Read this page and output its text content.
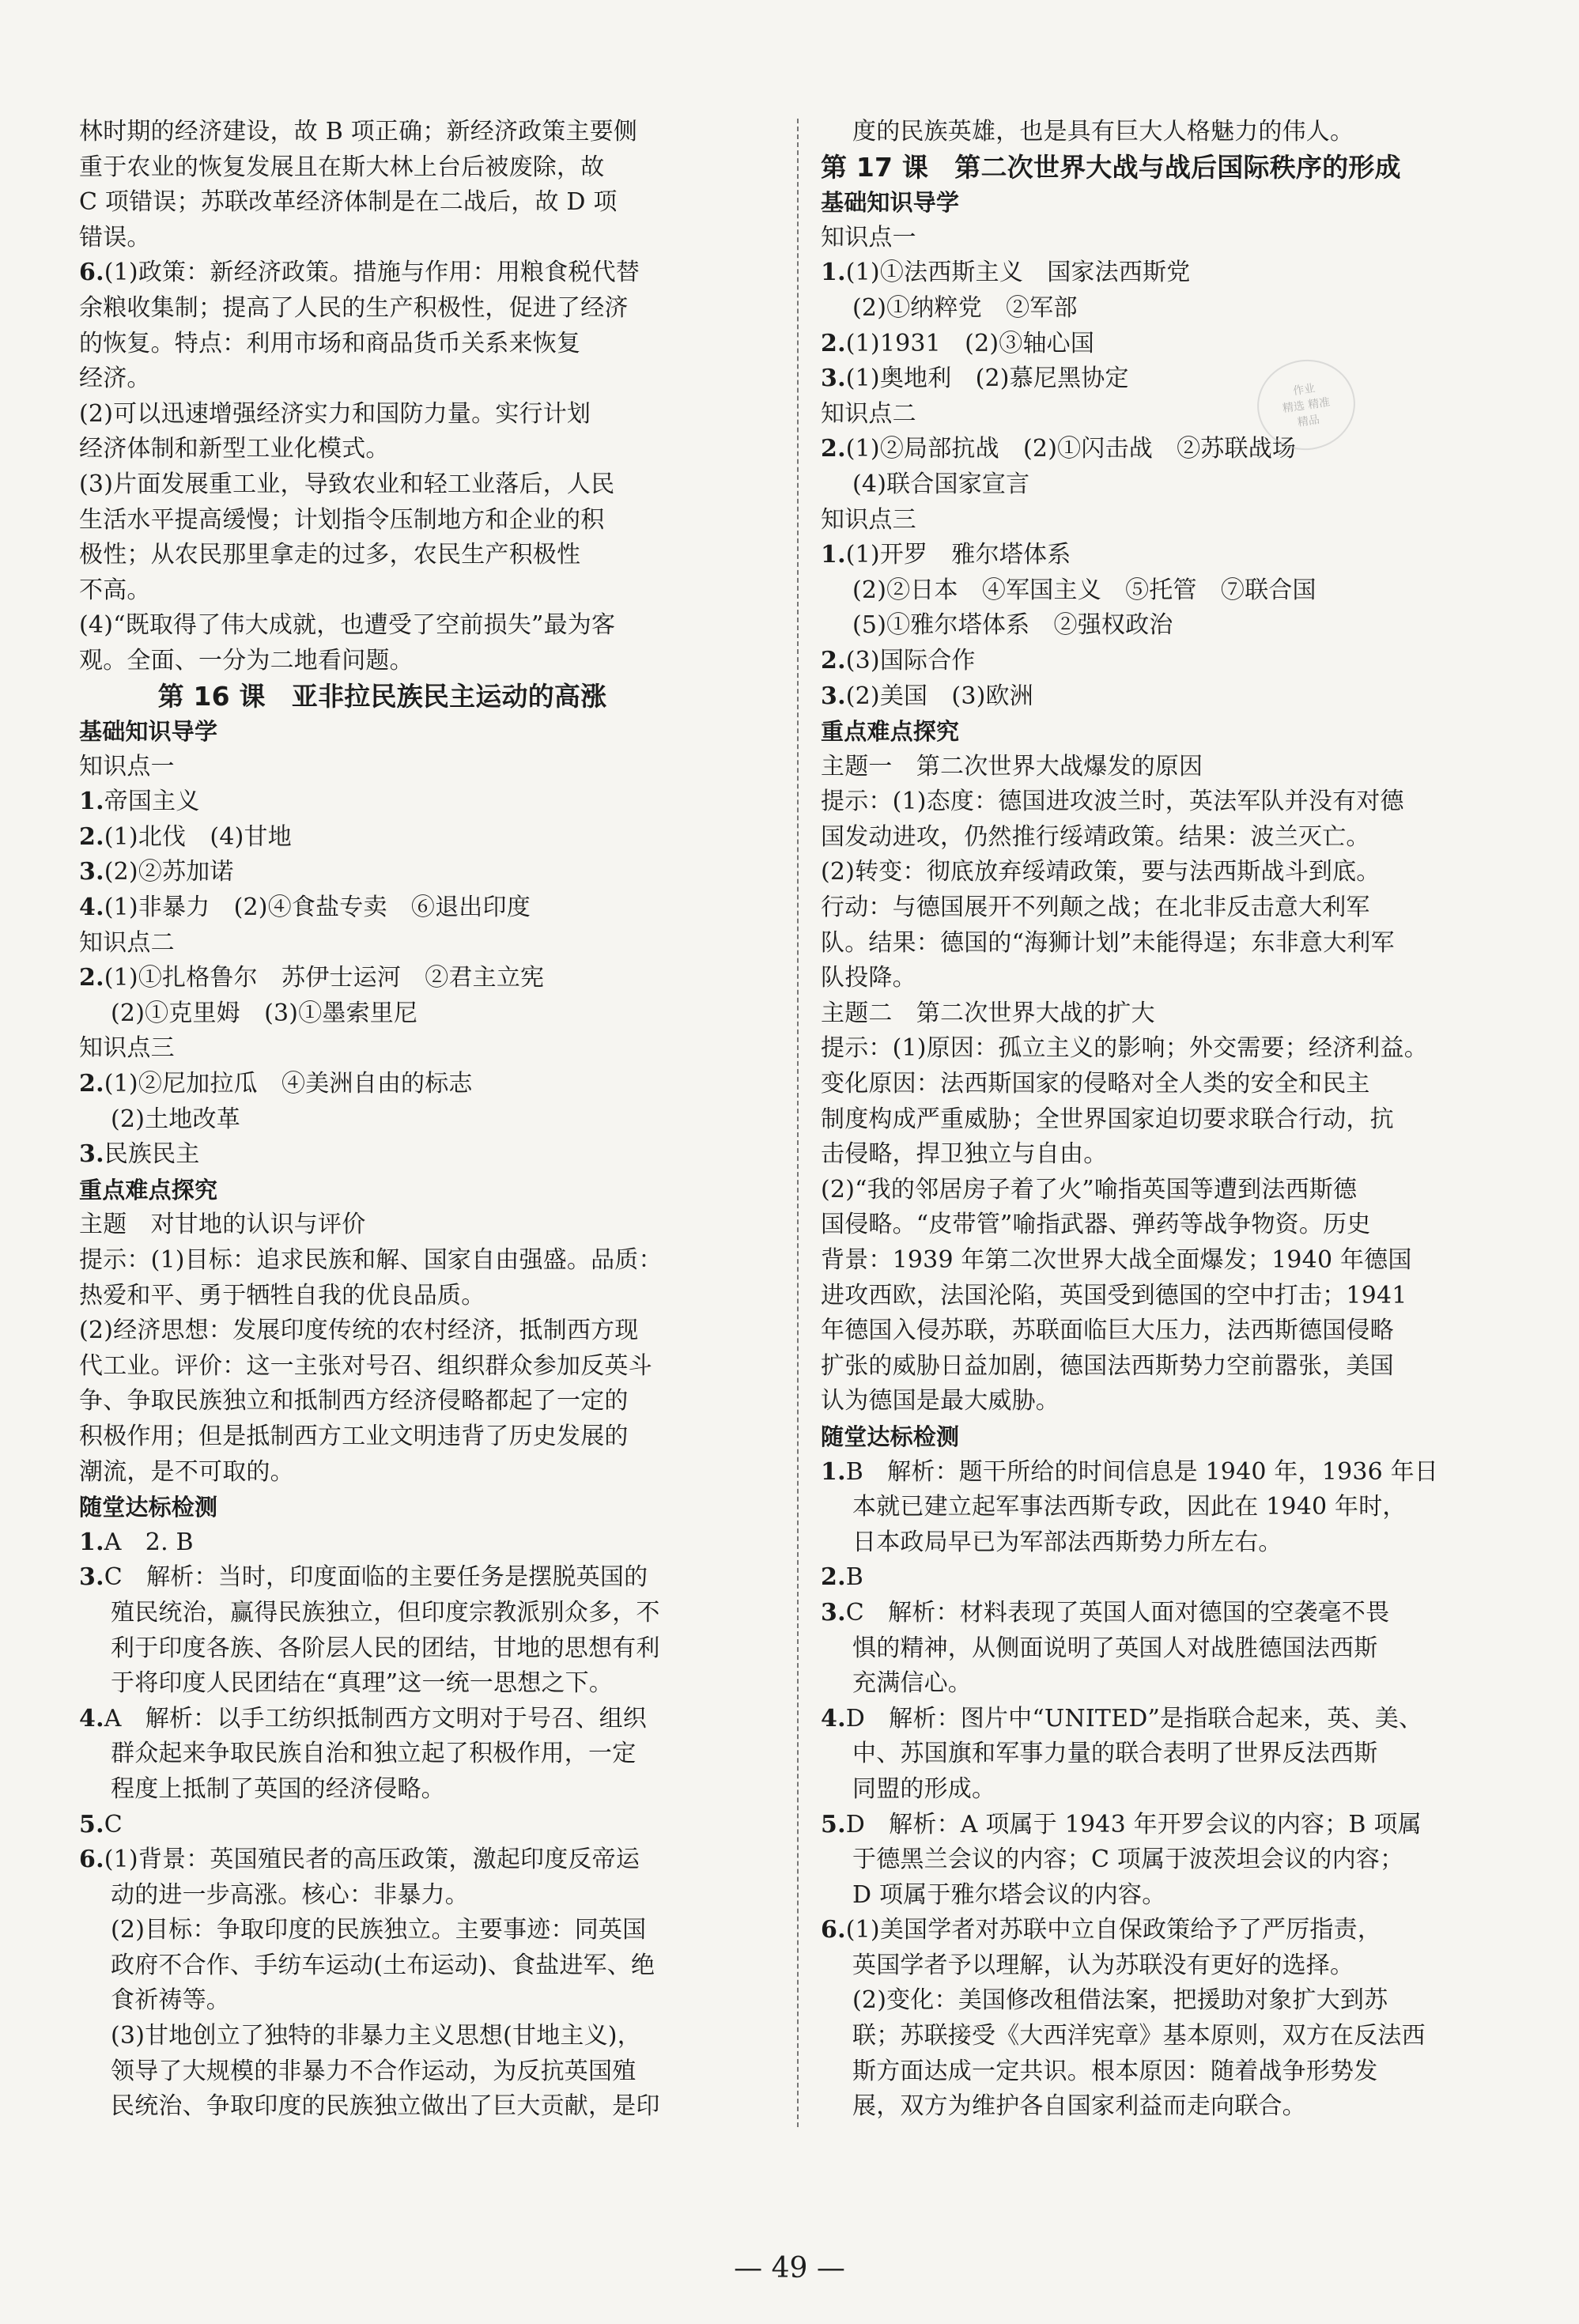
林时期的经济建设，故 B 项正确；新经济政策主要侧
重于农业的恢复发展且在斯大林上台后被废除，故
C 项错误；苏联改革经济体制是在二战后，故 D 项
错误。
6.(1)政策：新经济政策。措施与作用：用粮食税代替
余粮收集制；提高了人民的生产积极性，促进了经济
的恢复。特点：利用市场和商品货币关系来恢复
经济。
(2)可以迅速增强经济实力和国防力量。实行计划
经济体制和新型工业化模式。
(3)片面发展重工业，导致农业和轻工业落后，人民
生活水平提高缓慢；计划指令压制地方和企业的积
极性；从农民那里拿走的过多，农民生产积极性
不高。
(4)“既取得了伟大成就，也遭受了空前损失”最为客
观。全面、一分为二地看问题。
　　　第 16 课　亚非拉民族民主运动的高涨
基础知识导学
知识点一
1.帝国主义
2.(1)北伐　(4)甘地
3.(2)②苏加诺
4.(1)非暴力　(2)④食盐专卖　⑥退出印度
知识点二
2.(1)①扎格鲁尔　苏伊士运河　②君主立宪
(2)①克里姆　(3)①墨索里尼
知识点三
2.(1)②尼加拉瓜　④美洲自由的标志
(2)土地改革
3.民族民主
重点难点探究
主题　对甘地的认识与评价
提示：(1)目标：追求民族和解、国家自由强盛。品质：
热爱和平、勇于牺牲自我的优良品质。
(2)经济思想：发展印度传统的农村经济，抵制西方现
代工业。评价：这一主张对号召、组织群众参加反英斗
争、争取民族独立和抵制西方经济侵略都起了一定的
积极作用；但是抵制西方工业文明违背了历史发展的
潮流，是不可取的。
随堂达标检测
1.A　2. B
3.C　解析：当时，印度面临的主要任务是摆脱英国的
殖民统治，赢得民族独立，但印度宗教派别众多，不
利于印度各族、各阶层人民的团结，甘地的思想有利
于将印度人民团结在“真理”这一统一思想之下。
4.A　解析：以手工纺织抵制西方文明对于号召、组织
群众起来争取民族自治和独立起了积极作用，一定
程度上抵制了英国的经济侵略。
5.C
6.(1)背景：英国殖民者的高压政策，激起印度反帝运
动的进一步高涨。核心：非暴力。
(2)目标：争取印度的民族独立。主要事迹：同英国
政府不合作、手纺车运动(土布运动)、食盐进军、绝
食祈祷等。
(3)甘地创立了独特的非暴力主义思想(甘地主义)，
领导了大规模的非暴力不合作运动，为反抗英国殖
民统治、争取印度的民族独立做出了巨大贡献，是印
度的民族英雄，也是具有巨大人格魅力的伟人。
第 17 课　第二次世界大战与战后国际秩序的形成
基础知识导学
知识点一
1.(1)①法西斯主义　国家法西斯党
(2)①纳粹党　②军部
2.(1)1931　(2)③轴心国
3.(1)奥地利　(2)慕尼黑协定
知识点二
2.(1)②局部抗战　(2)①闪击战　②苏联战场
(4)联合国家宣言
知识点三
1.(1)开罗　雅尔塔体系
(2)②日本　④军国主义　⑤托管　⑦联合国
(5)①雅尔塔体系　②强权政治
2.(3)国际合作
3.(2)美国　(3)欧洲
重点难点探究
主题一　第二次世界大战爆发的原因
提示：(1)态度：德国进攻波兰时，英法军队并没有对德
国发动进攻，仍然推行绥靖政策。结果：波兰灭亡。
(2)转变：彻底放弃绥靖政策，要与法西斯战斗到底。
行动：与德国展开不列颠之战；在北非反击意大利军
队。结果：德国的“海狮计划”未能得逞；东非意大利军
队投降。
主题二　第二次世界大战的扩大
提示：(1)原因：孤立主义的影响；外交需要；经济利益。
变化原因：法西斯国家的侵略对全人类的安全和民主
制度构成严重威胁；全世界国家迫切要求联合行动，抗
击侵略，捍卫独立与自由。
(2)“我的邻居房子着了火”喻指英国等遭到法西斯德
国侵略。“皮带管”喻指武器、弹药等战争物资。历史
背景：1939 年第二次世界大战全面爆发；1940 年德国
进攻西欧，法国沦陷，英国受到德国的空中打击；1941
年德国入侵苏联，苏联面临巨大压力，法西斯德国侵略
扩张的威胁日益加剧，德国法西斯势力空前嚣张，美国
认为德国是最大威胁。
随堂达标检测
1.B　解析：题干所给的时间信息是 1940 年，1936 年日
本就已建立起军事法西斯专政，因此在 1940 年时，
日本政局早已为军部法西斯势力所左右。
2.B
3.C　解析：材料表现了英国人面对德国的空袭毫不畏
惧的精神，从侧面说明了英国人对战胜德国法西斯
充满信心。
4.D　解析：图片中“UNITED”是指联合起来，英、美、
中、苏国旗和军事力量的联合表明了世界反法西斯
同盟的形成。
5.D　解析：A 项属于 1943 年开罗会议的内容；B 项属
于德黑兰会议的内容；C 项属于波茨坦会议的内容；
D 项属于雅尔塔会议的内容。
6.(1)美国学者对苏联中立自保政策给予了严厉指责，
英国学者予以理解，认为苏联没有更好的选择。
(2)变化：美国修改租借法案，把援助对象扩大到苏
联；苏联接受《大西洋宪章》基本原则，双方在反法西
斯方面达成一定共识。根本原因：随着战争形势发
展，双方为维护各自国家利益而走向联合。
作业
精选 精准
精品
— 49 —
